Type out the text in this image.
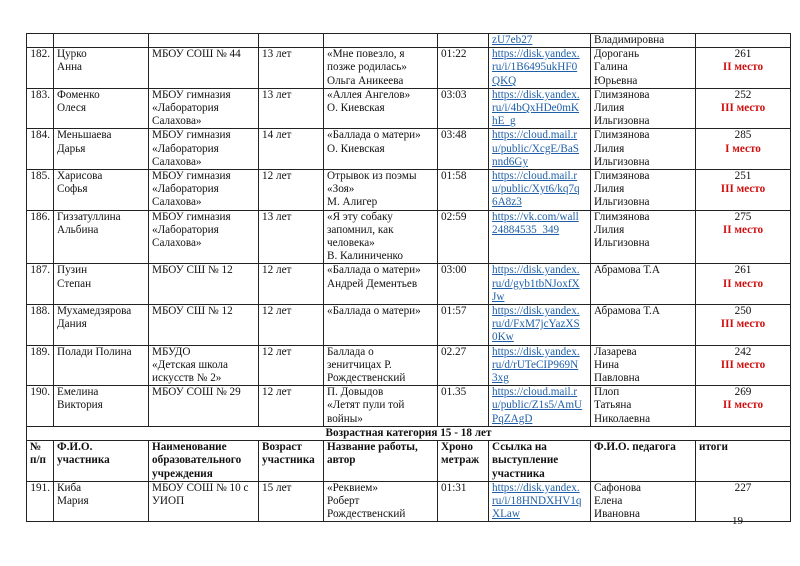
						zU7eb27	Владимировна	
182.	Цурко
Анна	МБОУ СОШ № 44	13 лет	«Мне повезло, я
позже родилась»
Ольга Аникеева	01:22	https://disk.yandex.
ru/i/1B6495ukHF0
QKQ	Дорогань
Галина
Юрьевна	261
II место

183.	Фоменко
Олеся	МБОУ гимназия
«Лаборатория
Салахова»	13 лет	«Аллея Ангелов»
О. Киевская	03:03	https://disk.yandex.
ru/i/4bQxHDe0mK
hE_g	Глимзянова
Лилия
Ильгизовна	252
III место

184.	Меньшаева
Дарья	МБОУ гимназия
«Лаборатория
Салахова»	14 лет	«Баллада о матери»
О. Киевская	03:48	https://cloud.mail.r
u/public/XcgE/BaS
nnd6Gy	Глимзянова
Лилия
Ильгизовна	285
I место

185.	Харисова
Софья	МБОУ гимназия
«Лаборатория
Салахова»	12 лет	Отрывок из поэмы
«Зоя»
М. Алигер	01:58	https://cloud.mail.r
u/public/Xyt6/kq7q
6A8z3	Глимзянова
Лилия
Ильгизовна	251
III место

186.	Гиззатуллина
Альбина	МБОУ гимназия
«Лаборатория
Салахова»	13 лет	«Я эту собаку
запомнил, как
человека»
В. Калиниченко	02:59	https://vk.com/wall
24884535_349	Глимзянова
Лилия
Ильгизовна	275
II место

187.	Пузин
Степан	МБОУ СШ № 12	12 лет	«Баллада о матери»
Андрей Дементьев	03:00	https://disk.yandex.
ru/d/gyb1tbNJoxfX
Jw	Абрамова Т.А	261
II место

188.	Мухамедзярова
Дания	МБОУ СШ № 12	12 лет	«Баллада о матери»	01:57	https://disk.yandex.
ru/d/FxM7jcYazXS
0Kw	Абрамова Т.А	250
III место

189.	Полади Полина	МБУДО
«Детская школа
искусств № 2»	12 лет	Баллада о
зенитчицах Р.
Рождественский	02.27	https://disk.yandex.
ru/d/rUTeCIP969N
3xg	Лазарева
Нина
Павловна	242
III место

190.	Емелина
Виктория	МБОУ СОШ № 29	12 лет	П. Довыдов
«Летят пули той
войны»	01.35	https://cloud.mail.r
u/public/Z1s5/AmU
PqZAgD	Плоп
Татьяна
Николаевна	269
II место

Возрастная категория 15 - 18 лет								

№
п/п	Ф.И.О.
участника	Наименование
образовательного
учреждения	Возраст
участника	Название работы,
автор	Хроно
метраж	Ссылка на
выступление
участника	Ф.И.О. педагога	итоги

191.	Киба
Мария	МБОУ СОШ № 10 с
УИОП	15 лет	«Реквием»
Роберт
Рождественский	01:31	https://disk.yandex.
ru/i/18HNDXHV1q
XLaw	Сафонова
Елена
Ивановна	227
19
